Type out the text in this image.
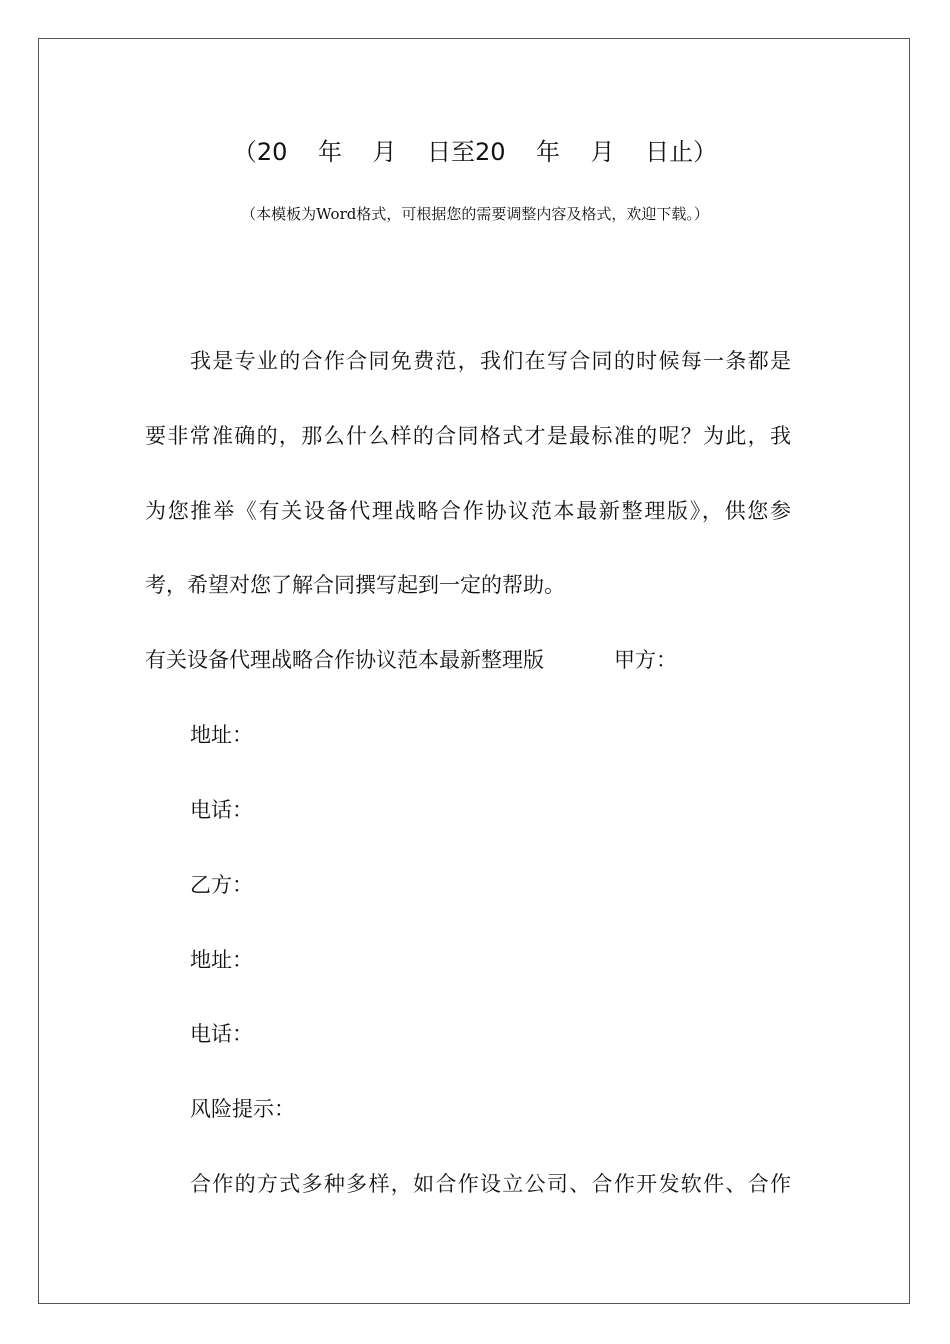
（20    年    月    日至20    年    月    日止）
（本模板为Word格式，可根据您的需要调整内容及格式，欢迎下载。）
我是专业的合作合同免费范，我们在写合同的时候每一条都是
要非常准确的，那么什么样的合同格式才是最标准的呢？为此，我
为您推举《有关设备代理战略合作协议范本最新整理版》，供您参
考，希望对您了解合同撰写起到一定的帮助。
有关设备代理战略合作协议范本最新整理版	甲方：
地址：
电话：
乙方：
地址：
电话：
风险提示：
合作的方式多种多样，如合作设立公司、合作开发软件、合作
